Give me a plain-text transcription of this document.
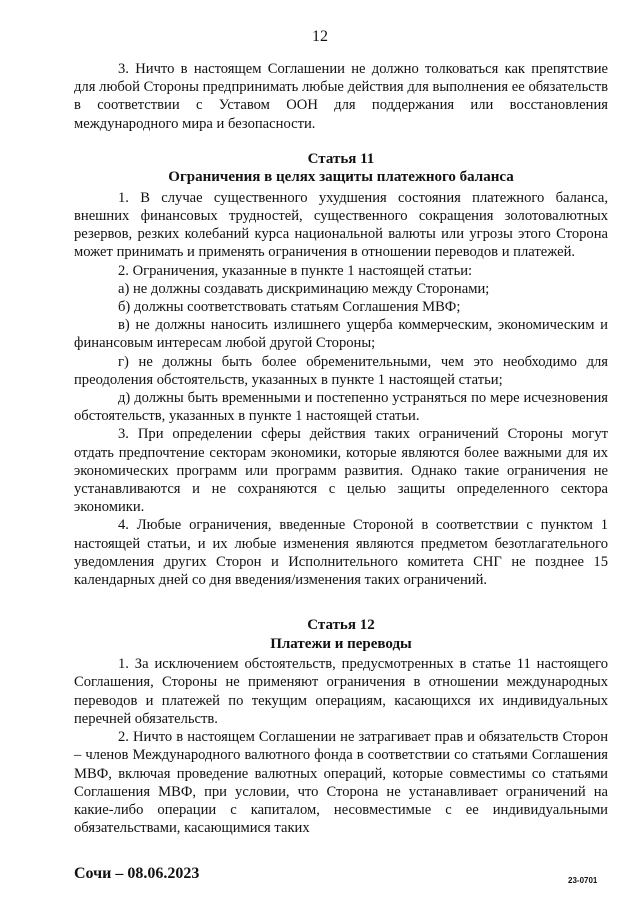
12

3. Ничто в настоящем Соглашении не должно толковаться как препятствие для любой Стороны предпринимать любые действия для выполнения ее обязательств в соответствии с Уставом ООН для поддержания или восстановления международного мира и безопасности.

Статья 11
Ограничения в целях защиты платежного баланса

1. В случае существенного ухудшения состояния платежного баланса, внешних финансовых трудностей, существенного сокращения золотовалютных резервов, резких колебаний курса национальной валюты или угрозы этого Сторона может принимать и применять ограничения в отношении переводов и платежей.

2. Ограничения, указанные в пункте 1 настоящей статьи:

а) не должны создавать дискриминацию между Сторонами;

б) должны соответствовать статьям Соглашения МВФ;

в) не должны наносить излишнего ущерба коммерческим, экономическим и финансовым интересам любой другой Стороны;

г) не должны быть более обременительными, чем это необходимо для преодоления обстоятельств, указанных в пункте 1 настоящей статьи;

д) должны быть временными и постепенно устраняться по мере исчезновения обстоятельств, указанных в пункте 1 настоящей статьи.

3. При определении сферы действия таких ограничений Стороны могут отдать предпочтение секторам экономики, которые являются более важными для их экономических программ или программ развития. Однако такие ограничения не устанавливаются и не сохраняются с целью защиты определенного сектора экономики.

4. Любые ограничения, введенные Стороной в соответствии с пунктом 1 настоящей статьи, и их любые изменения являются предметом безотлагательного уведомления других Сторон и Исполнительного комитета СНГ не позднее 15 календарных дней со дня введения/изменения таких ограничений.

Статья 12
Платежи и переводы

1. За исключением обстоятельств, предусмотренных в статье 11 настоящего Соглашения, Стороны не применяют ограничения в отношении международных переводов и платежей по текущим операциям, касающихся их индивидуальных перечней обязательств.

2. Ничто в настоящем Соглашении не затрагивает прав и обязательств Сторон – членов Международного валютного фонда в соответствии со статьями Соглашения МВФ, включая проведение валютных операций, которые совместимы со статьями Соглашения МВФ, при условии, что Сторона не устанавливает ограничений на какие-либо операции с капиталом, несовместимые с ее индивидуальными обязательствами, касающимися таких

Сочи – 08.06.2023	23-0701
